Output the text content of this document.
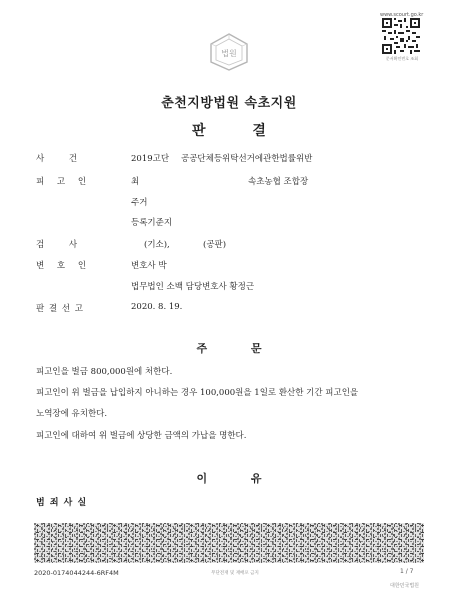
www.scourt.go.kr
문서확인번호 조회
법원
춘천지방법원 속초지원
판 결
사 건	2019고단 공공단체등위탁선거에관한법률위반
피 고 인	최	속초농협 조합장
주거
등록기준지
검 사	(기소),	(공판)
변 호 인	변호사 박
법무법인 소백 담당변호사 황정근
판 결 선 고	2020. 8. 19.
주 문
피고인을 벌금 800,000원에 처한다.
피고인이 위 벌금을 납입하지 아니하는 경우 100,000원을 1일로 환산한 기간 피고인을
노역장에 유치한다.
피고인에 대하여 위 벌금에 상당한 금액의 가납을 명한다.
이 유
범 죄 사 실
2020-0174044244-6RF4M	무단전재 및 재배포 금지	1 / 7
대한민국법원
